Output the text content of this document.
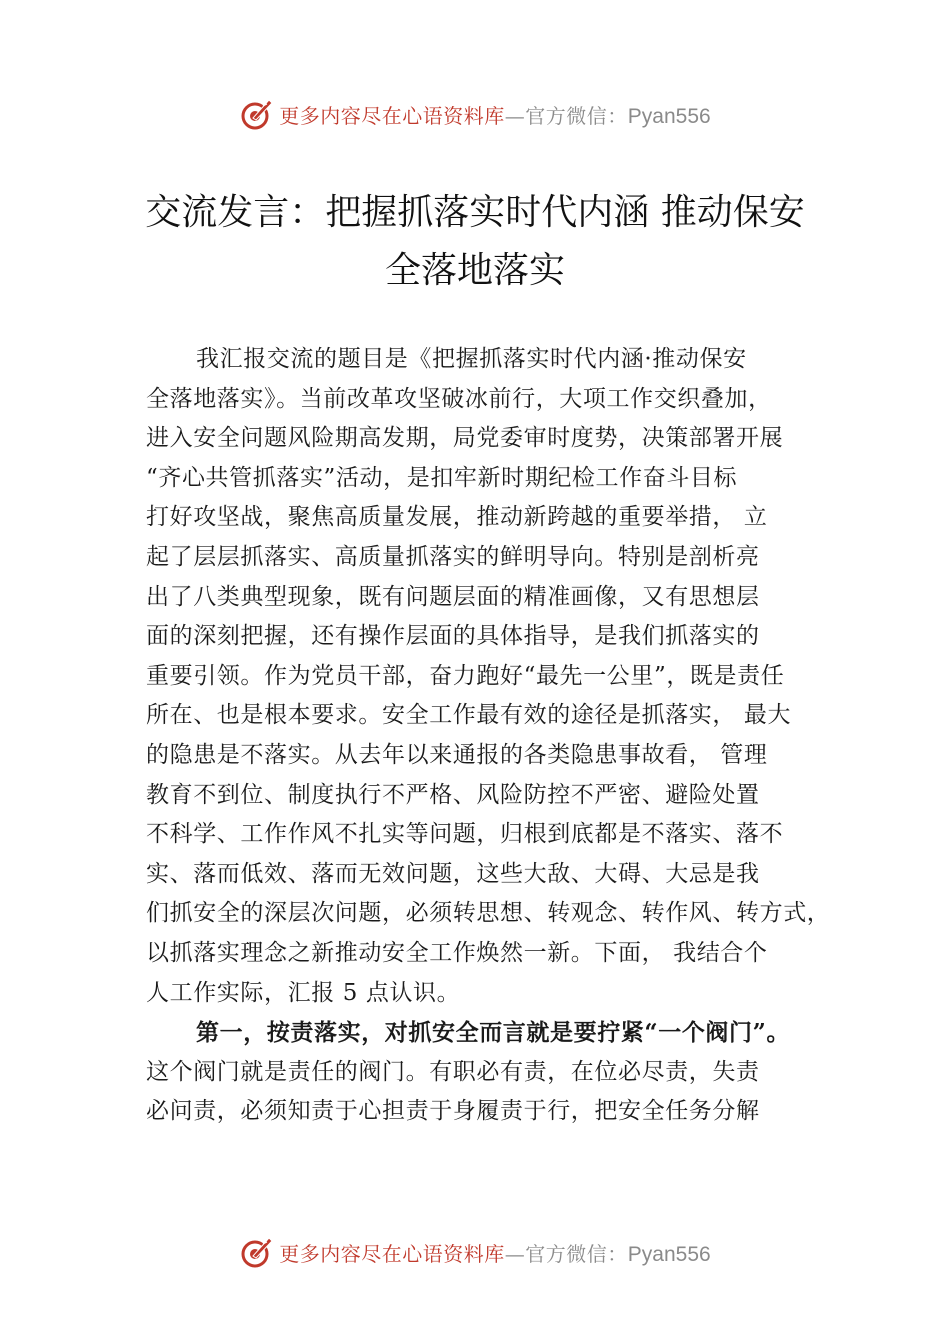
更多内容尽在心语资料库—官方微信：Pyan556
交流发言：把握抓落实时代内涵 推动保安
全落地落实
我汇报交流的题目是《把握抓落实时代内涵·推动保安
全落地落实》。当前改革攻坚破冰前行，大项工作交织叠加，
进入安全问题风险期高发期，局党委审时度势，决策部署开展
“齐心共管抓落实”活动，是扣牢新时期纪检工作奋斗目标
打好攻坚战，聚焦高质量发展，推动新跨越的重要举措， 立
起了层层抓落实、高质量抓落实的鲜明导向。特别是剖析亮
出了八类典型现象，既有问题层面的精准画像，又有思想层
面的深刻把握，还有操作层面的具体指导，是我们抓落实的
重要引领。作为党员干部，奋力跑好“最先一公里”，既是责任
所在、也是根本要求。安全工作最有效的途径是抓落实， 最大
的隐患是不落实。从去年以来通报的各类隐患事故看， 管理
教育不到位、制度执行不严格、风险防控不严密、避险处置
不科学、工作作风不扎实等问题，归根到底都是不落实、落不
实、落而低效、落而无效问题，这些大敌、大碍、大忌是我
们抓安全的深层次问题，必须转思想、转观念、转作风、转方式，
以抓落实理念之新推动安全工作焕然一新。下面， 我结合个
人工作实际，汇报 5 点认识。
第一，按责落实，对抓安全而言就是要拧紧“一个阀门”。
这个阀门就是责任的阀门。有职必有责，在位必尽责，失责
必问责，必须知责于心担责于身履责于行，把安全任务分解
更多内容尽在心语资料库—官方微信：Pyan556
